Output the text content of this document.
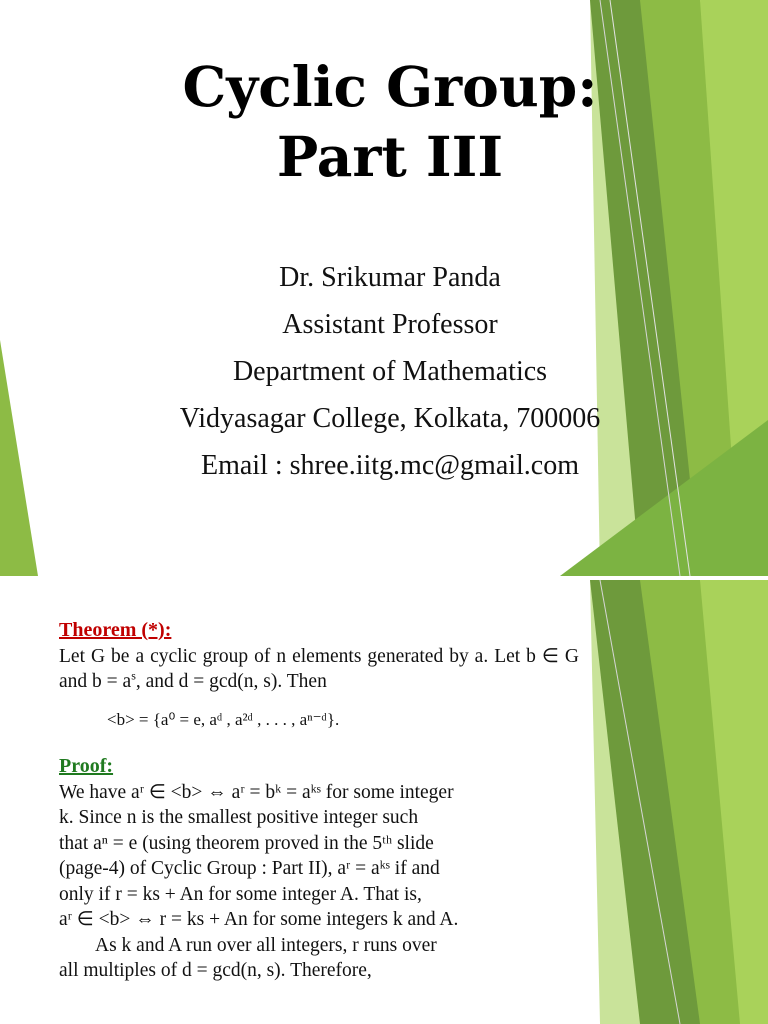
Cyclic Group:
Part III
Dr. Srikumar Panda
Assistant Professor
Department of Mathematics
Vidyasagar College, Kolkata, 700006
Email : shree.iitg.mc@gmail.com
Theorem (*):
Let G be a cyclic group of n elements generated by a. Let b ∈ G and $b = a^s$, and d = gcd(n, s). Then
<b> = {a⁰ = e, aᵈ , a²ᵈ , . . . , aⁿ⁻ᵈ}.
Proof:
We have aʳ ∈ <b> ⇔ aʳ = bᵏ = aᵏˢ for some integer
k. Since n is the smallest positive integer such
that aⁿ = e (using theorem proved in the 5ᵗʰ slide
(page-4) of Cyclic Group : Part II), aʳ = aᵏˢ if and
only if r = ks + An for some integer A. That is,
aʳ ∈ <b> ⇔ r = ks + An for some integers k and A.
As k and A run over all integers, r runs over
all multiples of d = gcd(n, s). Therefore,
